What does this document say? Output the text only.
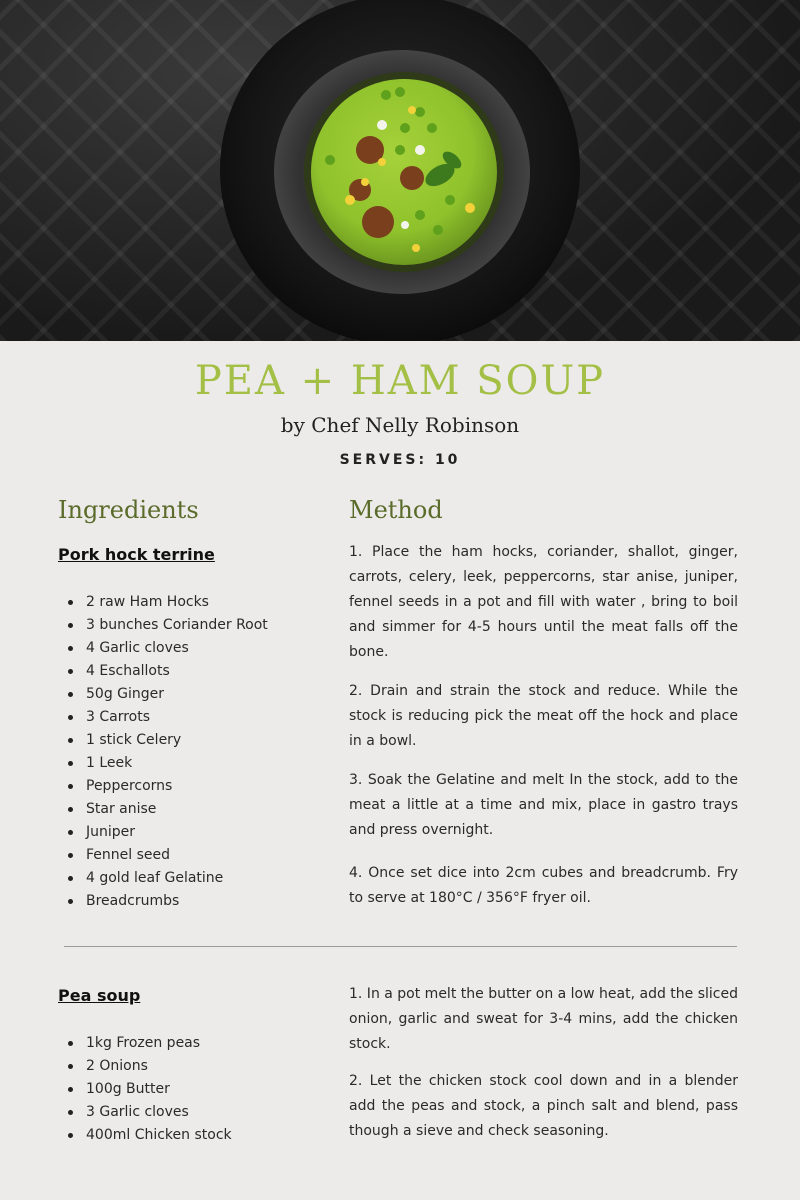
PEA + HAM SOUP
by Chef Nelly Robinson
SERVES: 10
Ingredients	Method
Pork hock terrine
2 raw Ham Hocks
3 bunches Coriander Root
4 Garlic cloves
4 Eschallots
50g Ginger
3 Carrots
1 stick Celery
1 Leek
Peppercorns
Star anise
Juniper
Fennel seed
4 gold leaf Gelatine
Breadcrumbs

1. Place the ham hocks, coriander, shallot, ginger, carrots, celery, leek, peppercorns, star anise, juniper, fennel seeds in a pot and fill with water , bring to boil and simmer for 4-5 hours until the meat falls off the bone.

2. Drain and strain the stock and reduce. While the stock is reducing pick the meat off the hock and place in a bowl.

3. Soak the Gelatine and melt In the stock, add to the meat a little at a time and mix, place in gastro trays and press overnight.

4. Once set dice into 2cm cubes and breadcrumb. Fry to serve at 180°C / 356°F fryer oil.

Pea soup
1kg Frozen peas
2 Onions
100g Butter
3 Garlic cloves
400ml Chicken stock

1. In a pot melt the butter on a low heat, add the sliced onion, garlic and sweat for 3-4 mins, add the chicken stock.

2. Let the chicken stock cool down and in a blender add the peas and stock, a pinch salt and blend, pass though a sieve and check seasoning.
